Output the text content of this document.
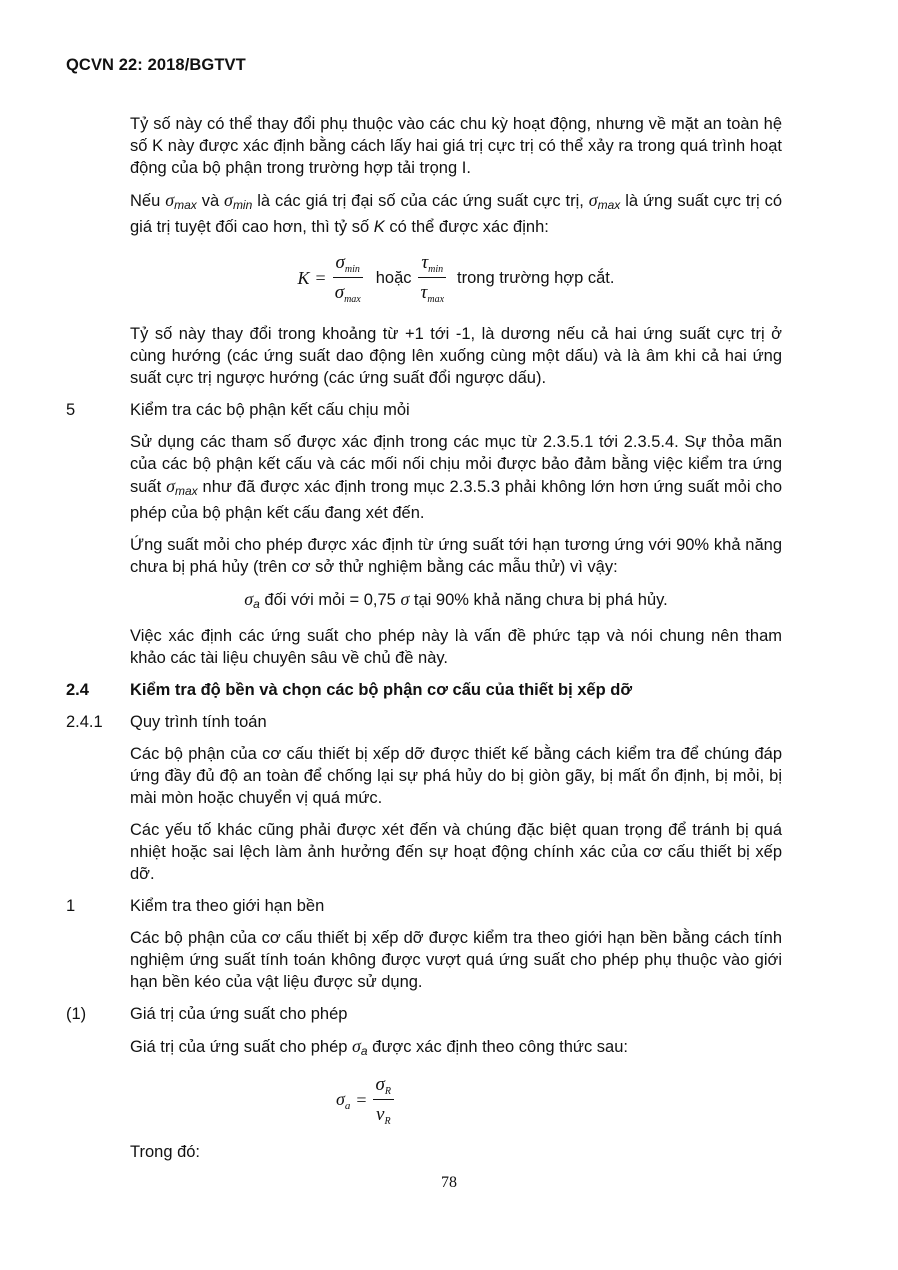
QCVN 22: 2018/BGTVT

Tỷ số này có thể thay đổi phụ thuộc vào các chu kỳ hoạt động, nhưng về mặt an toàn hệ số K này được xác định bằng cách lấy hai giá trị cực trị có thể xảy ra trong quá trình hoạt động của bộ phận trong trường hợp tải trọng I.

Nếu $\sigma_{max}$ và $\sigma_{min}$ là các giá trị đại số của các ứng suất cực trị, $\sigma_{max}$ là ứng suất cực trị có giá trị tuyệt đối cao hơn, thì tỷ số K có thể được xác định:

$K = \frac{\sigma_{min}}{\sigma_{max}}$ hoặc $\frac{\tau_{min}}{\tau_{max}}$ trong trường hợp cắt.

Tỷ số này thay đổi trong khoảng từ +1 tới -1, là dương nếu cả hai ứng suất cực trị ở cùng hướng (các ứng suất dao động lên xuống cùng một dấu) và là âm khi cả hai ứng suất cực trị ngược hướng (các ứng suất đổi ngược dấu).

5	Kiểm tra các bộ phận kết cấu chịu mỏi

Sử dụng các tham số được xác định trong các mục từ 2.3.5.1 tới 2.3.5.4. Sự thỏa mãn của các bộ phận kết cấu và các mối nối chịu mỏi được bảo đảm bằng việc kiểm tra ứng suất $\sigma_{max}$ như đã được xác định trong mục 2.3.5.3 phải không lớn hơn ứng suất mỏi cho phép của bộ phận kết cấu đang xét đến.

Ứng suất mỏi cho phép được xác định từ ứng suất tới hạn tương ứng với 90% khả năng chưa bị phá hủy (trên cơ sở thử nghiệm bằng các mẫu thử) vì vậy:

$\sigma_a$ đối với mỏi = 0,75 σ tại 90% khả năng chưa bị phá hủy.

Việc xác định các ứng suất cho phép này là vấn đề phức tạp và nói chung nên tham khảo các tài liệu chuyên sâu về chủ đề này.

2.4	Kiểm tra độ bền và chọn các bộ phận cơ cấu của thiết bị xếp dỡ
2.4.1	Quy trình tính toán

Các bộ phận của cơ cấu thiết bị xếp dỡ được thiết kế bằng cách kiểm tra để chúng đáp ứng đầy đủ độ an toàn để chống lại sự phá hủy do bị giòn gãy, bị mất ổn định, bị mỏi, bị mài mòn hoặc chuyển vị quá mức.

Các yếu tố khác cũng phải được xét đến và chúng đặc biệt quan trọng để tránh bị quá nhiệt hoặc sai lệch làm ảnh hưởng đến sự hoạt động chính xác của cơ cấu thiết bị xếp dỡ.

1	Kiểm tra theo giới hạn bền

Các bộ phận của cơ cấu thiết bị xếp dỡ được kiểm tra theo giới hạn bền bằng cách tính nghiệm ứng suất tính toán không được vượt quá ứng suất cho phép phụ thuộc vào giới hạn bền kéo của vật liệu được sử dụng.

(1)	Giá trị của ứng suất cho phép

Giá trị của ứng suất cho phép $\sigma_a$ được xác định theo công thức sau:

$\sigma_a = \frac{\sigma_R}{\nu_R}$

Trong đó:

78
